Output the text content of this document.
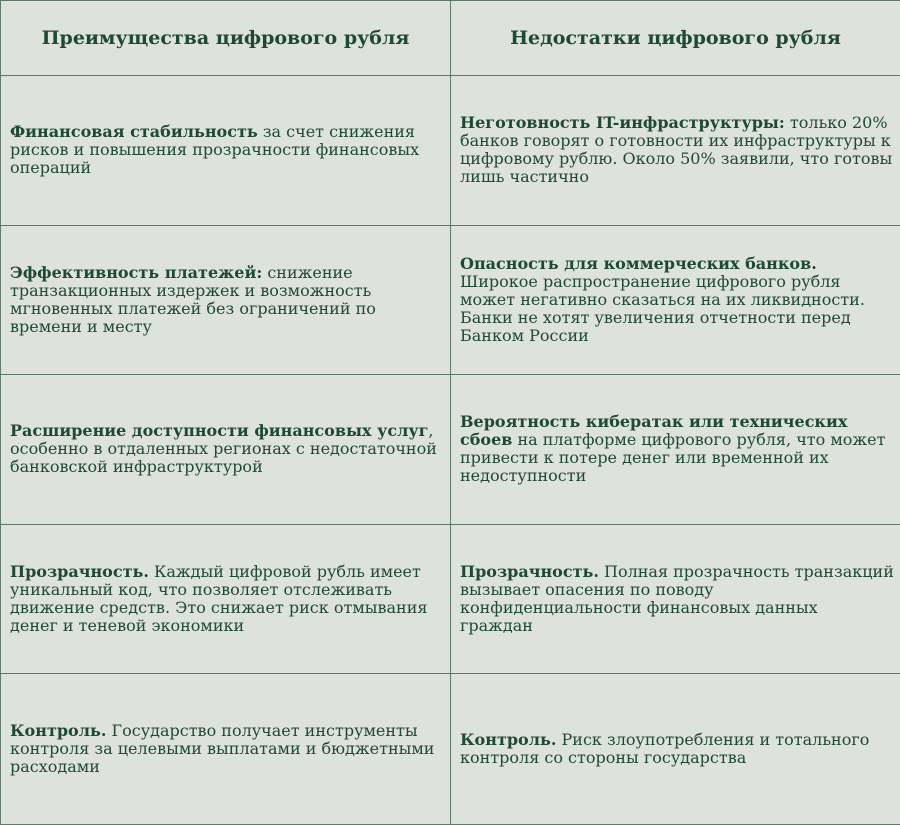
Преимущества цифрового рубля	Недостатки цифрового рубля
Финансовая стабильность за счет снижения рисков и повышения прозрачности финансовых операций	Неготовность IT-инфраструктуры: только 20% банков говорят о готовности их инфраструктуры к цифровому рублю. Около 50% заявили, что готовы лишь частично
Эффективность платежей: снижение транзакционных издержек и возможность мгновенных платежей без ограничений по времени и месту	Опасность для коммерческих банков. Широкое распространение цифрового рубля может негативно сказаться на их ликвидности. Банки не хотят увеличения отчетности перед Банком России
Расширение доступности финансовых услуг, особенно в отдаленных регионах с недостаточной банковской инфраструктурой	Вероятность кибератак или технических сбоев на платформе цифрового рубля, что может привести к потере денег или временной их недоступности
Прозрачность. Каждый цифровой рубль имеет уникальный код, что позволяет отслеживать движение средств. Это снижает риск отмывания денег и теневой экономики	Прозрачность. Полная прозрачность транзакций вызывает опасения по поводу конфиденциальности финансовых данных граждан
Контроль. Государство получает инструменты контроля за целевыми выплатами и бюджетными расходами	Контроль. Риск злоупотребления и тотального контроля со стороны государства
